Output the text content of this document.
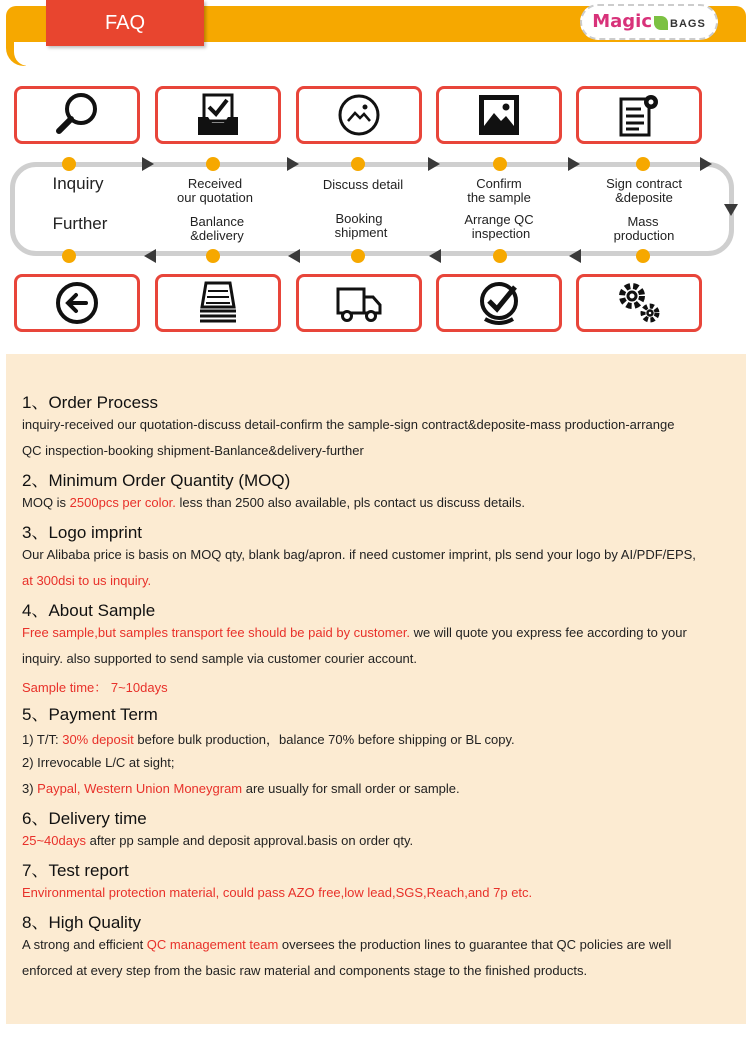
FAQ	Magic BAGS
Inquiry	Received
our quotation
Discuss detail	Confirm
the sample
Sign contract
&deposite
Further	Banlance
&delivery
Booking
shipment
Arrange QC
inspection
Mass
production
1、Order Process
inquiry-received our quotation-discuss detail-confirm the sample-sign contract&deposite-mass production-arrange
QC inspection-booking shipment-Banlance&delivery-further
2、Minimum Order Quantity (MOQ)
MOQ is 2500pcs per color. less than 2500 also available, pls contact us discuss details.
3、Logo imprint
Our Alibaba price is basis on MOQ qty, blank bag/apron. if need customer imprint, pls send your logo by AI/PDF/EPS,
at 300dsi to us inquiry.
4、About Sample
Free sample,but samples transport fee should be paid by customer. we will quote you express fee according to your
inquiry. also supported to send sample via customer courier account.
Sample time： 7~10days
5、Payment Term
1) T/T: 30% deposit before bulk production，balance 70% before shipping or BL copy.
2) Irrevocable L/C at sight;
3) Paypal, Western Union Moneygram are usually for small order or sample.
6、Delivery time
25~40days after pp sample and deposit approval.basis on order qty.
7、Test report
Environmental protection material, could pass AZO free,low lead,SGS,Reach,and 7p etc.
8、High Quality
A strong and efficient QC management team oversees the production lines to guarantee that QC policies are well
enforced at every step from the basic raw material and components stage to the finished products.
